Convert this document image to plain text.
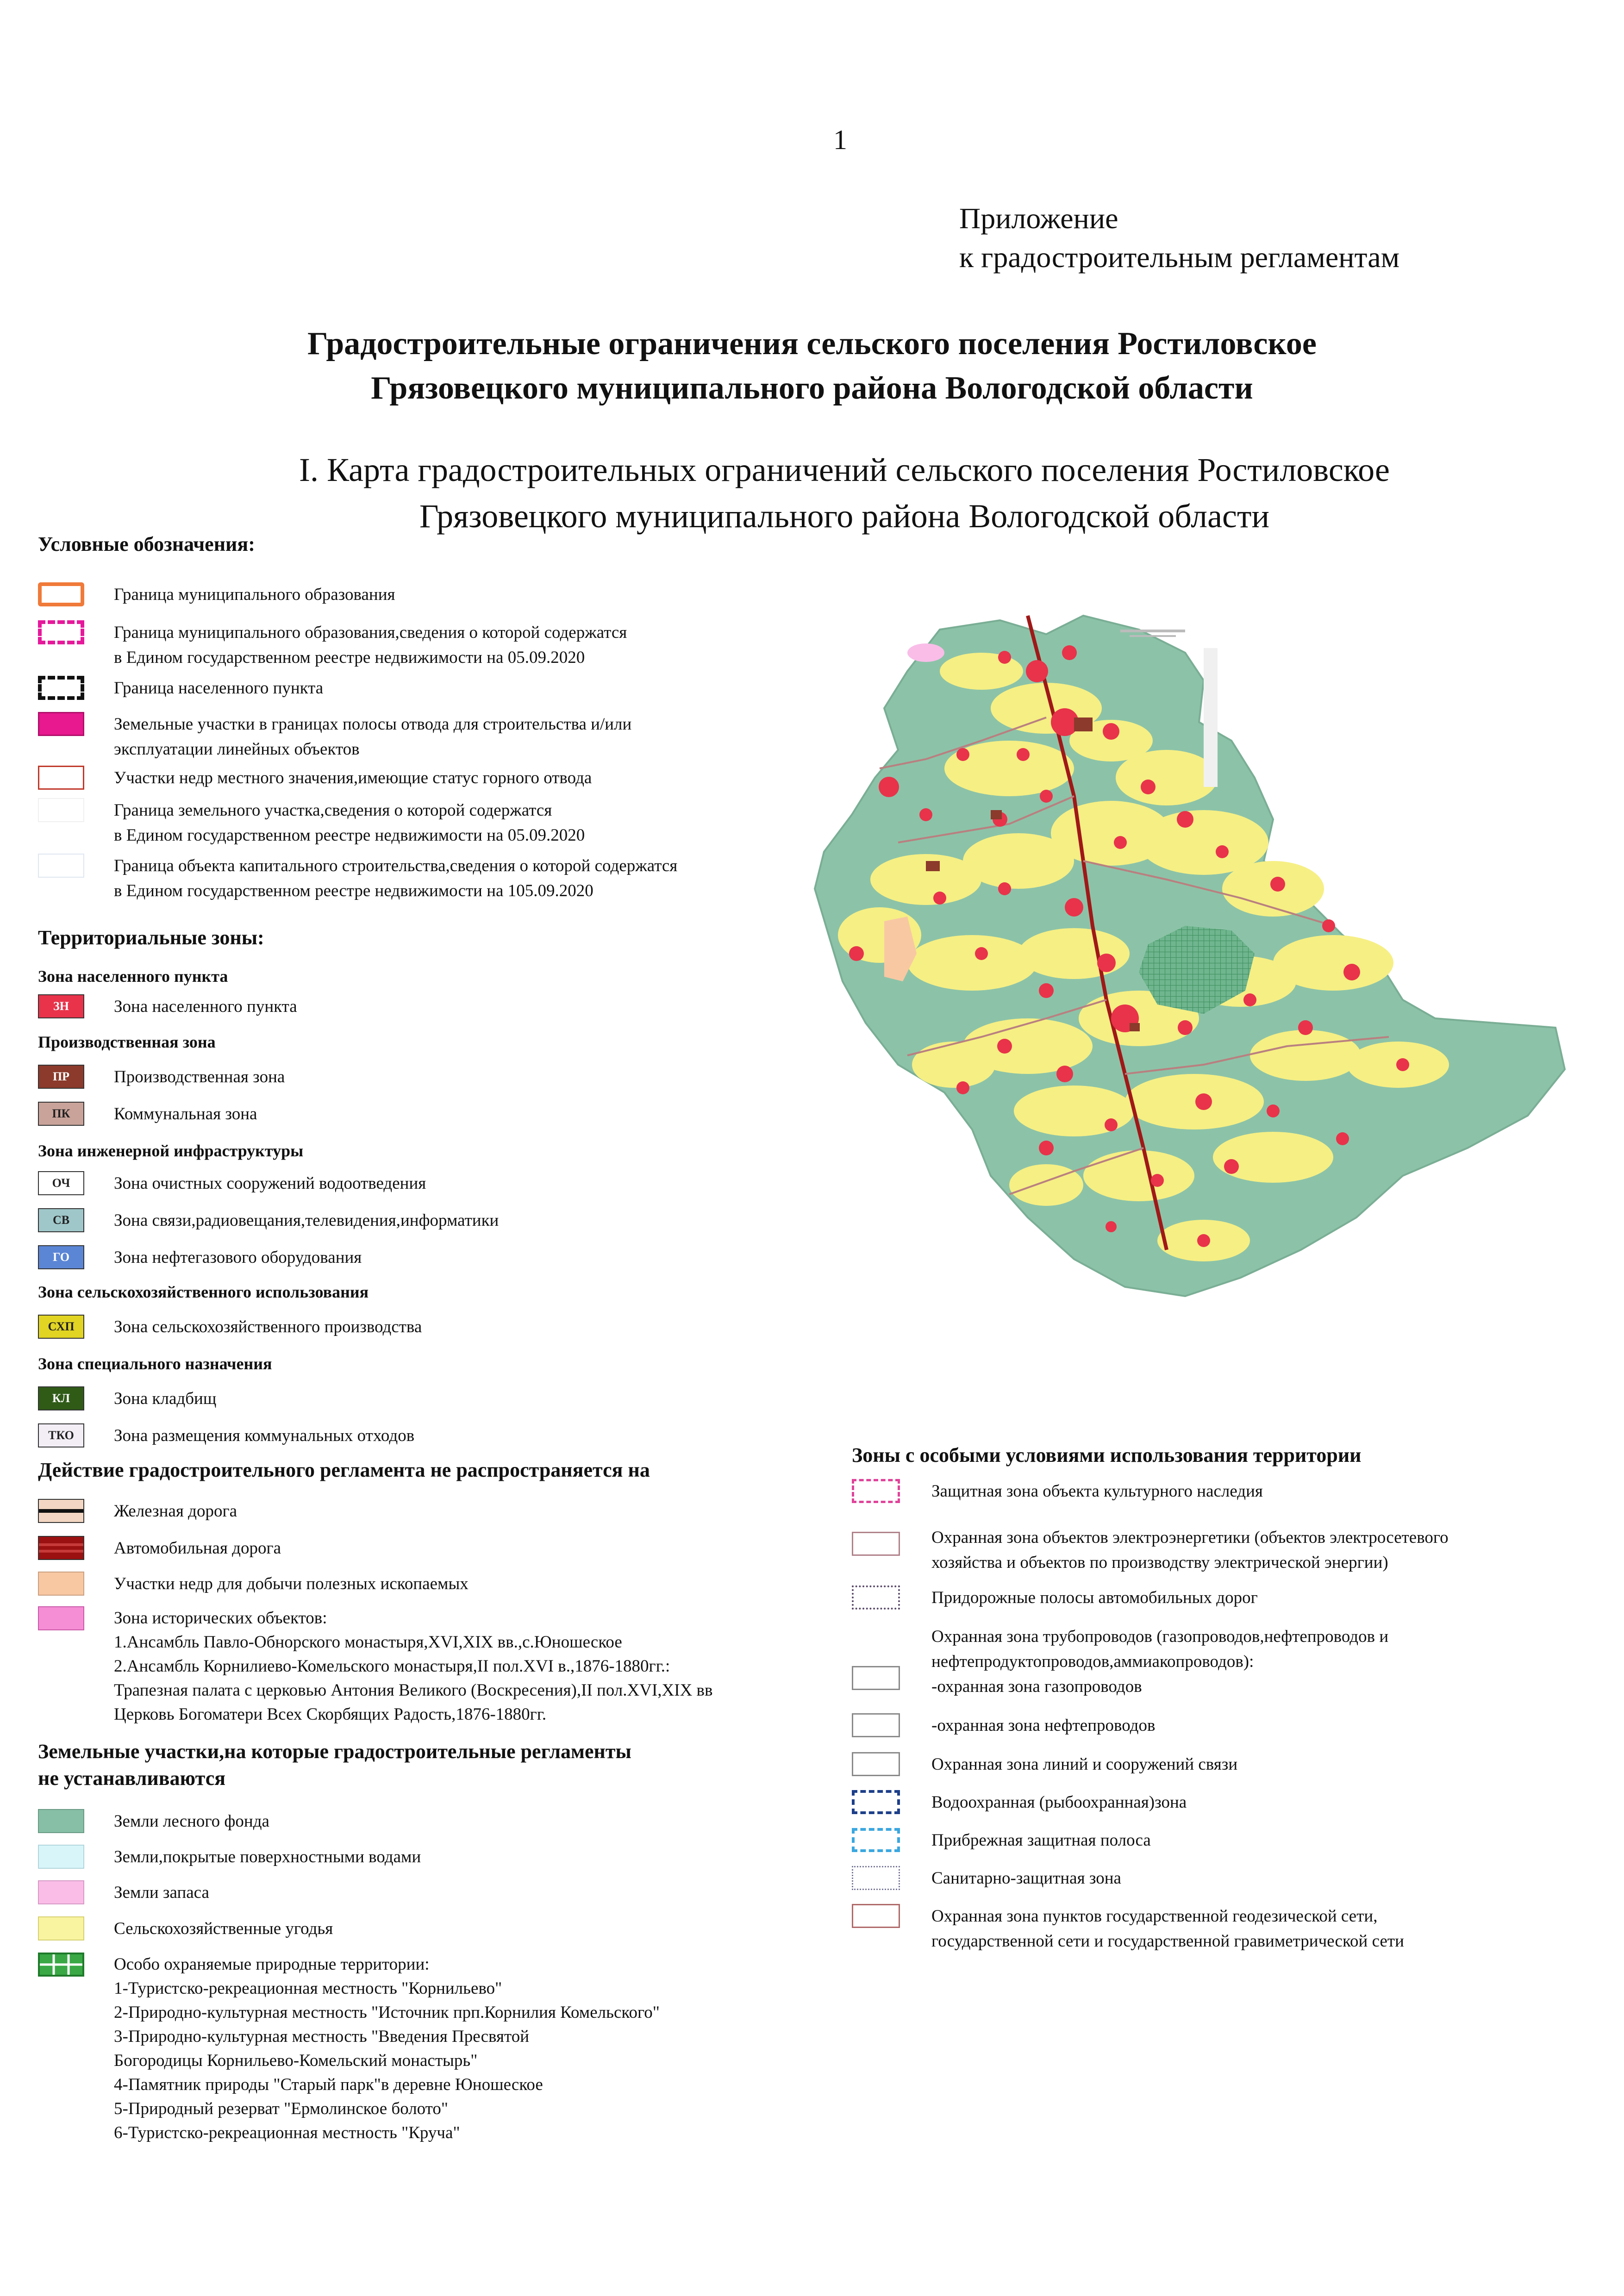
1
Приложение
к градостроительным регламентам
Градостроительные ограничения сельского поселения Ростиловское
Грязовецкого муниципального района Вологодской области
I. Карта градостроительных ограничений сельского поселения Ростиловское
Грязовецкого муниципального района Вологодской области
Условные обозначения:
Граница муниципального образования
Граница муниципального образования,сведения о которой содержатся
в Едином государственном реестре недвижимости на 05.09.2020
Граница населенного пункта
Земельные участки в границах полосы отвода для строительства и/или
эксплуатации линейных объектов
Участки недр местного значения,имеющие статус горного отвода
Граница земельного участка,сведения о которой содержатся
в Едином государственном реестре недвижимости на 05.09.2020
Граница объекта капитального строительства,сведения о которой содержатся
в Едином государственном реестре недвижимости на 105.09.2020
Территориальные зоны:
Зона населенного пункта
ЗН	Зона населенного пункта
Производственная зона
ПР	Производственная зона
ПК	Коммунальная зона
Зона инженерной инфраструктуры
ОЧ	Зона очистных сооружений водоотведения
СВ	Зона связи,радиовещания,телевидения,информатики
ГО	Зона нефтегазового оборудования
Зона сельскохозяйственного использования
СХП	Зона сельскохозяйственного производства
Зона специального назначения
КЛ	Зона кладбищ
ТКО	Зона размещения коммунальных отходов
Действие градостроительного регламента не распространяется на
Железная дорога
Автомобильная дорога
Участки недр для добычи полезных ископаемых
Зона исторических объектов:
1.Ансамбль Павло-Обнорского монастыря,XVI,XIX вв.,с.Юношеское
2.Ансамбль Корнилиево-Комельского монастыря,II пол.XVI в.,1876-1880гг.:
Трапезная палата с церковью Антония Великого (Воскресения),II пол.XVI,XIX вв
Церковь Богоматери Всех Скорбящих Радость,1876-1880гг.
Земельные участки,на которые градостроительные регламенты
не устанавливаются
Земли лесного фонда
Земли,покрытые поверхностными водами
Земли запаса
Сельскохозяйственные угодья
Особо охраняемые природные территории:
1-Туристско-рекреационная местность "Корнильево"
2-Природно-культурная местность "Источник прп.Корнилия Комельского"
3-Природно-культурная местность "Введения Пресвятой
Богородицы Корнильево-Комельский монастырь"
4-Памятник природы "Старый парк"в деревне Юношеское
5-Природный резерват "Ермолинское болото"
6-Туристско-рекреационная местность "Круча"
Зоны с особыми условиями использования территории
Защитная зона объекта культурного наследия
Охранная зона объектов электроэнергетики (объектов электросетевого
хозяйства и объектов по производству электрической энергии)
Придорожные полосы автомобильных дорог
Охранная зона трубопроводов (газопроводов,нефтепроводов и
нефтепродуктопроводов,аммиакопроводов):
-охранная зона газопроводов
-охранная зона нефтепроводов
Охранная зона линий и сооружений связи
Водоохранная (рыбоохранная)зона
Прибрежная защитная полоса
Санитарно-защитная зона
Охранная зона пунктов государственной геодезической сети,
государственной сети и государственной гравиметрической сети
